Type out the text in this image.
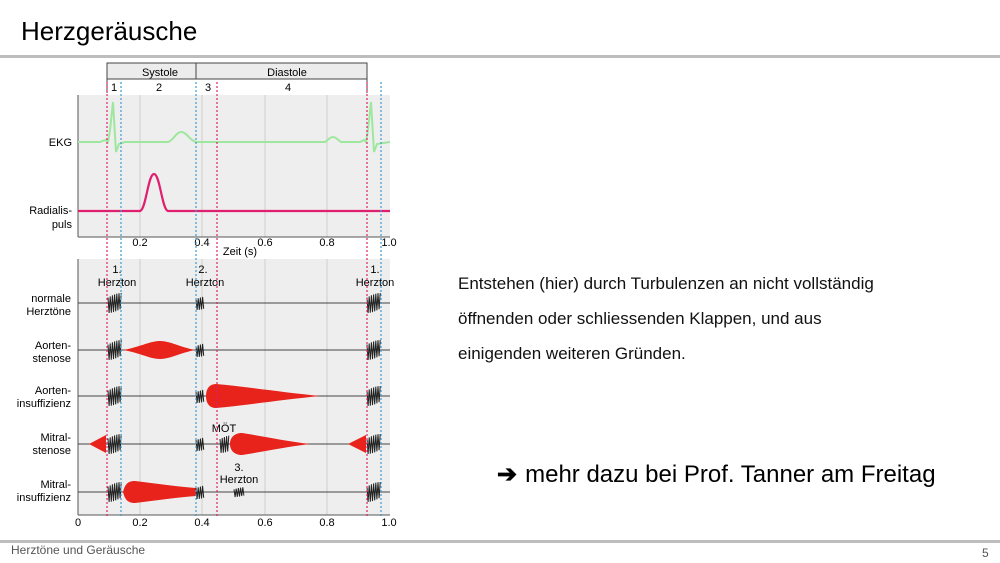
Herzgeräusche
Systole	Diastole
1	2	3	4
EKG
Radialis-
puls
0.2	0.4	0.6	0.8	1.0
Zeit (s)
1.
Herzton
2.
Herzton
1.
Herzton
normale
Herztöne
Aorten-
stenose
Aorten-
insuffizienz
Mitral-
stenose
Mitral-
insuffizienz
MÖT
3.
Herzton
0	0.2	0.4	0.6	0.8	1.0
Entstehen (hier) durch Turbulenzen an nicht vollständig
öffnenden oder schliessenden Klappen, und aus
einigenden weiteren Gründen.
➔ mehr dazu bei Prof. Tanner am Freitag
Herztöne und Geräusche	5
